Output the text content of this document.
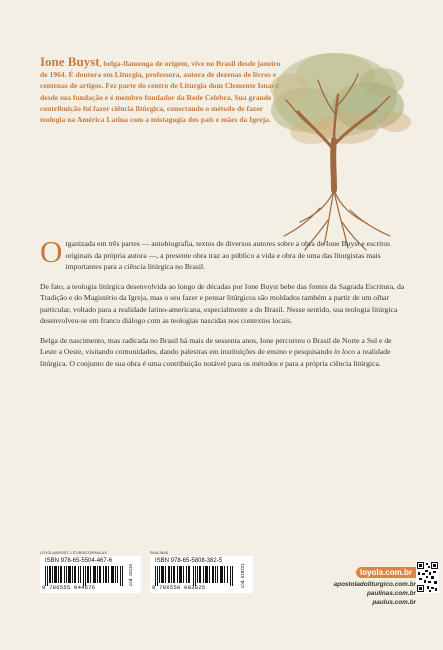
Ione Buyst, belga-flamenga de origem, vive no Brasil desde janeiro de 1964. É doutora em Liturgia, professora, autora de dezenas de livros e centenas de artigos. Fez parte do centro de Liturgia dom Clemente Isnard desde sua fundação e é membro fundador da Rede Celebra. Sua grande contribuição foi fazer ciência litúrgica, conectando o método de fazer teologia na América Latina com a mistagogia dos pais e mães da Igreja.

Organizada em três partes — autobiografia, textos de diversos autores sobre a obra de Ione Buyst e escritos originais da própria autora —, a presente obra traz ao público a vida e obra de uma das liturgistas mais importantes para a ciência litúrgica no Brasil.

De fato, a teologia litúrgica desenvolvida ao longo de décadas por Ione Buyst bebe das fontes da Sagrada Escritura, da Tradição e do Magistério da Igreja, mas o seu fazer e pensar litúrgicos são moldados também a partir de um olhar particular, voltado para a realidade latino-americana, especialmente a do Brasil. Nesse sentido, sua teologia litúrgica desenvolveu-se em franco diálogo com as teologias nascidas nos contextos locais.

Belga de nascimento, mas radicada no Brasil há mais de sessenta anos, Ione percorreu o Brasil de Norte a Sul e de Leste a Oeste, visitando comunidades, dando palestras em instituições de ensino e pesquisando in loco a realidade litúrgica. O conjunto de sua obra é uma contribuição notável para os métodos e para a própria ciência litúrgica.

LOYOLA/APOST. LITÚRGICO/PAULUS
ISBN 978-65-5504-467-6
9 786555 044676
cód. 16119
PAULINAS
ISBN 978-65-5808-382-5
9 786558 083825	cód. 518221	loyola.com.br
apostoladoliturgico.com.br
paulinas.com.br
paulus.com.br
